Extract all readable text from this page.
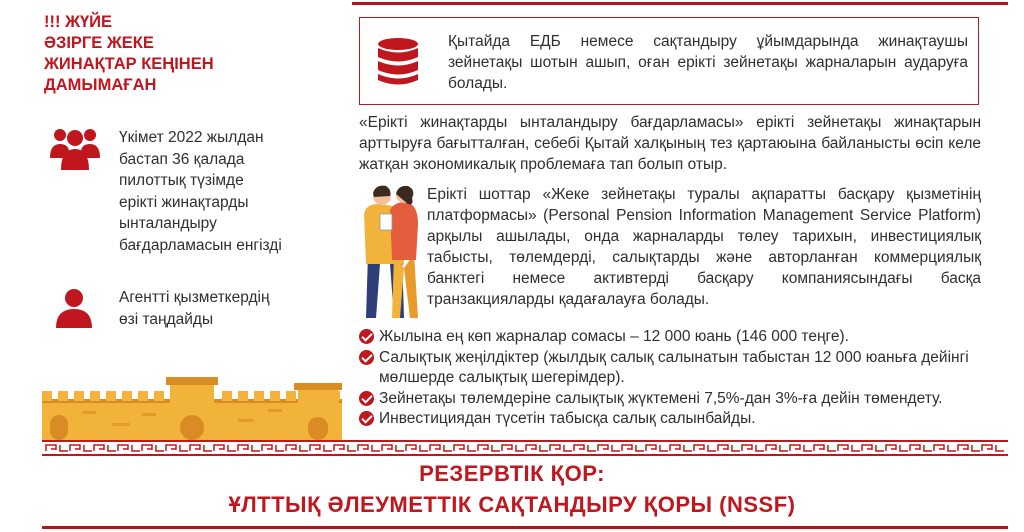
!!! ЖҮЙЕ
ӘЗІРГЕ ЖЕКЕ
ЖИНАҚТАР КЕҢІНЕН
ДАМЫМАҒАН
Үкімет 2022 жылдан
бастап 36 қалада
пилоттық түзімде
ерікті жинақтарды
ынталандыру
бағдарламасын енгізді
Агентті қызметкердің
өзі таңдайды
Қытайда ЕДБ немесе сақтандыру ұйымдарында жинақтаушы зейнетақы шотын ашып, оған ерікті зейнетақы жарналарын аударуға болады.
«Ерікті жинақтарды ынталандыру бағдарламасы» ерікті зейнетақы жинақтарын арттыруға бағытталған, себебі Қытай халқының тез қартаюына байланысты өсіп келе жатқан экономикалық проблемаға тап болып отыр.
Ерікті шоттар «Жеке зейнетақы туралы ақпаратты басқару қызметінің платформасы» (Personal Pension Information Management Service Platform) арқылы ашылады, онда жарналарды төлеу тарихын, инвестициялық табысты, төлемдерді, салықтарды және авторланған коммерциялық банктегі немесе активтерді басқару компаниясындағы басқа транзакцияларды қадағалауға болады.
Жылына ең көп жарналар сомасы – 12 000 юань (146 000 теңге).
Салықтық жеңілдіктер (жылдық салық салынатын табыстан 12 000 юаньға дейінгі мөлшерде салықтық шегерімдер).
Зейнетақы төлемдеріне салықтық жүктемені 7,5%-дан 3%-ға дейін төмендету.
Инвестициядан түсетін табысқа салық салынбайды.
РЕЗЕРВТІК ҚОР:
ҰЛТТЫҚ ӘЛЕУМЕТТІК САҚТАНДЫРУ ҚОРЫ (NSSF)
